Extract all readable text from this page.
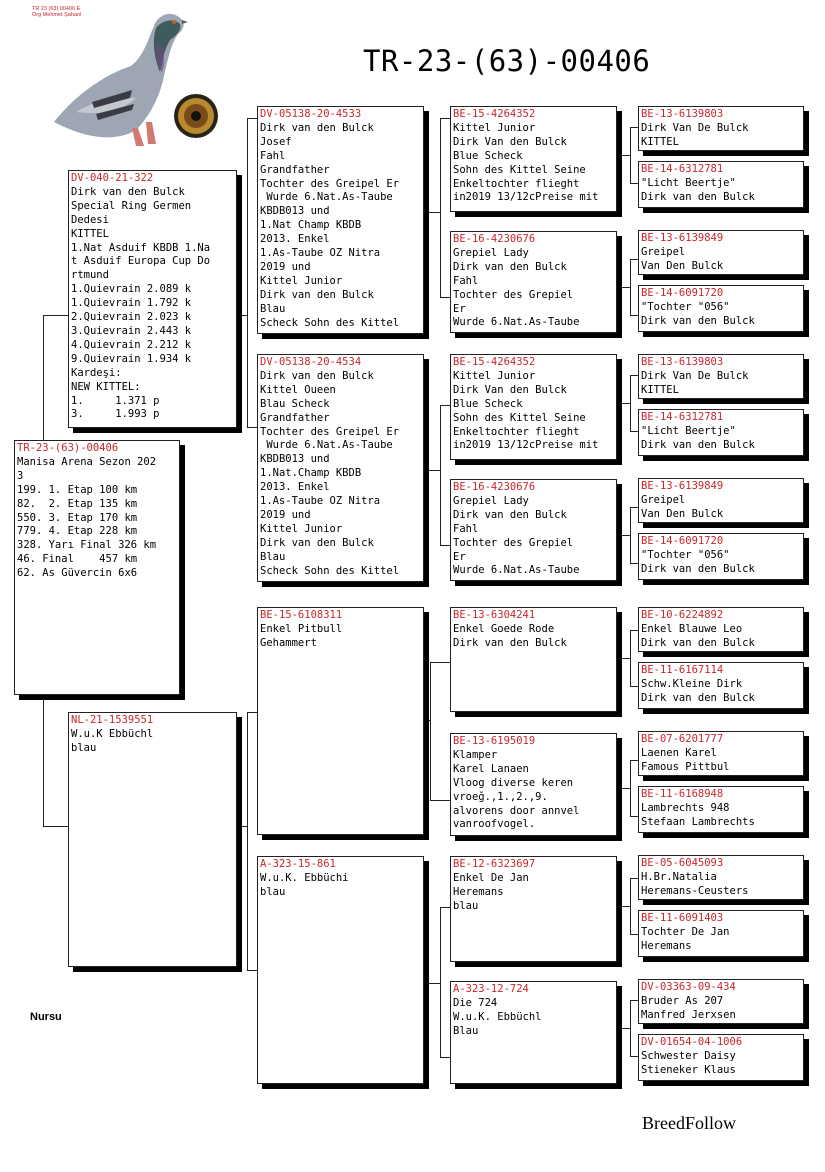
TR 23 (63) 00406 E
Org Mehmet Şahanl
TR-23-(63)-00406
TR-23-(63)-00406
Manisa Arena Sezon 202
3
199. 1. Etap 100 km
82.  2. Etap 135 km
550. 3. Etap 170 km
779. 4. Etap 228 km
328. Yarı Final 326 km
46. Final    457 km
62. As Güvercin 6x6
DV-040-21-322
Dirk van den Bulck
Special Ring Germen
Dedesi
KITTEL
1.Nat Asduif KBDB 1.Na
t Asduif Europa Cup Do
rtmund
1.Quievrain 2.089 k
1.Quievrain 1.792 k
2.Quievrain 2.023 k
3.Quievrain 2.443 k
4.Quievrain 2.212 k
9.Quievrain 1.934 k
Kardeşi:
NEW KITTEL:
1.     1.371 p
3.     1.993 p
NL-21-1539551
W.u.K Ebbüchl
blau
DV-05138-20-4533
Dirk van den Bulck
Josef
Fahl
Grandfather
Tochter des Greipel Er
Wurde 6.Nat.As-Taube
KBDB013 und
1.Nat Champ KBDB
2013. Enkel
1.As-Taube OZ Nitra
2019 und
Kittel Junior
Dirk van den Bulck
Blau
Scheck Sohn des Kittel
DV-05138-20-4534
Dirk van den Bulck
Kittel Oueen
Blau Scheck
Grandfather
Tochter des Greipel Er
Wurde 6.Nat.As-Taube
KBDB013 und
1.Nat.Champ KBDB
2013. Enkel
1.As-Taube OZ Nitra
2019 und
Kittel Junior
Dirk van den Bulck
Blau
Scheck Sohn des Kittel
BE-15-6108311
Enkel Pitbull
Gehammert
A-323-15-861
W.u.K. Ebbüchi
blau
BE-15-4264352
Kittel Junior
Dirk Van den Bulck
Blue Scheck
Sohn des Kittel Seine
Enkeltochter flieght
in2019 13/12cPreise mit
BE-16-4230676
Grepiel Lady
Dirk van den Bulck
Fahl
Tochter des Grepiel
Er
Wurde 6.Nat.As-Taube
BE-15-4264352
Kittel Junior
Dirk Van den Bulck
Blue Scheck
Sohn des Kittel Seine
Enkeltochter flieght
in2019 13/12cPreise mit
BE-16-4230676
Grepiel Lady
Dirk van den Bulck
Fahl
Tochter des Grepiel
Er
Wurde 6.Nat.As-Taube
BE-13-6304241
Enkel Goede Rode
Dirk van den Bulck
BE-13-6195019
Klamper
Karel Lanaen
Vloog diverse keren
vroeğ.,1.,2.,9.
alvorens door annvel
vanroofvogel.
BE-12-6323697
Enkel De Jan
Heremans
blau
A-323-12-724
Die 724
W.u.K. Ebbüchl
Blau
BE-13-6139803
Dirk Van De Bulck
KITTEL
BE-14-6312781
"Licht Beertje"
Dirk van den Bulck
BE-13-6139849
Greipel
Van Den Bulck
BE-14-6091720
"Tochter "056"
Dirk van den Bulck
BE-13-6139803
Dirk Van De Bulck
KITTEL
BE-14-6312781
"Licht Beertje"
Dirk van den Bulck
BE-13-6139849
Greipel
Van Den Bulck
BE-14-6091720
"Tochter "056"
Dirk van den Bulck
BE-10-6224892
Enkel Blauwe Leo
Dirk van den Bulck
BE-11-6167114
Schw.Kleine Dirk
Dirk van den Bulck
BE-07-6201777
Laenen Karel
Famous Pittbul
BE-11-6168948
Lambrechts 948
Stefaan Lambrechts
BE-05-6045093
H.Br.Natalia
Heremans-Ceusters
BE-11-6091403
Tochter De Jan
Heremans
DV-03363-09-434
Bruder As 207
Manfred Jerxsen
DV-01654-04-1006
Schwester Daisy
Stieneker Klaus
Nursu
BreedFollow
